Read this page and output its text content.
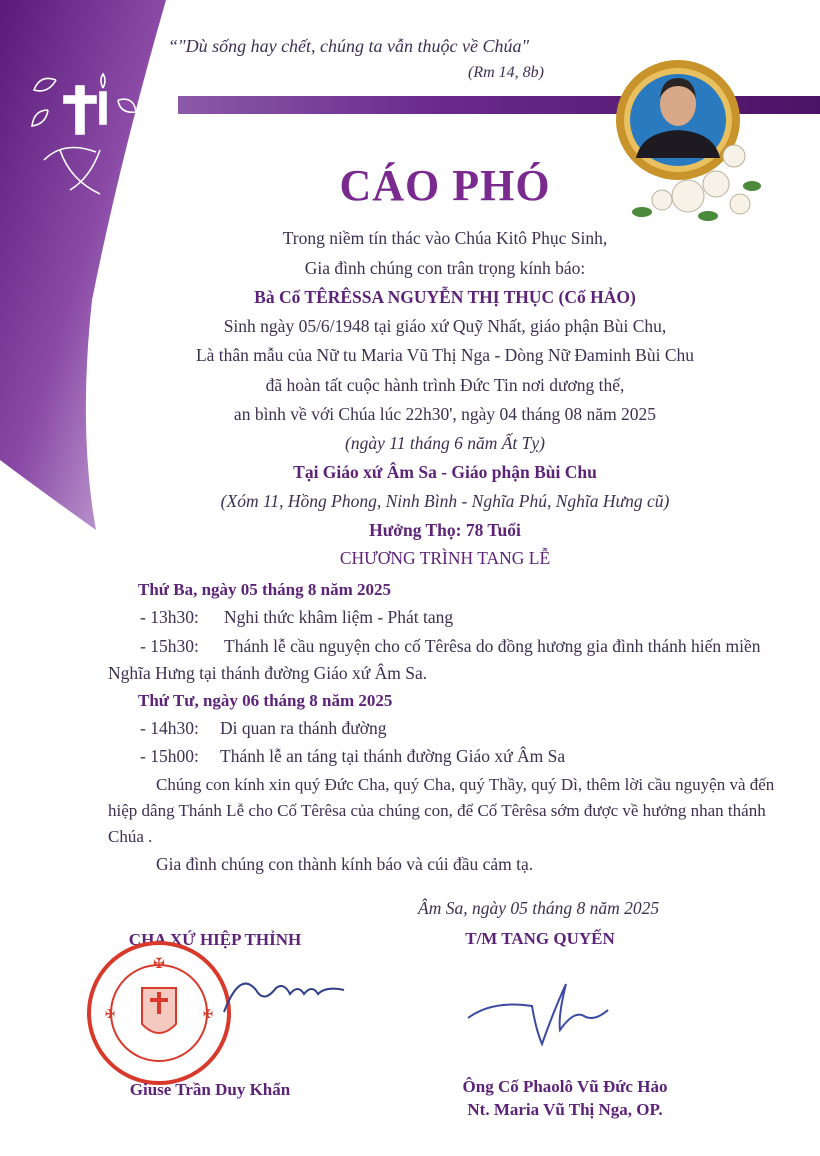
“"Dù sống hay chết, chúng ta vẫn thuộc về Chúa"
(Rm 14, 8b)
CÁO PHÓ
Trong niềm tín thác vào Chúa Kitô Phục Sinh,
Gia đình chúng con trân trọng kính báo:
Bà Cố TÊRÊSSA NGUYỄN THỊ THỤC (Cố HẢO)
Sinh ngày 05/6/1948 tại giáo xứ Quỹ Nhất, giáo phận Bùi Chu,
Là thân mẫu của Nữ tu Maria Vũ Thị Nga - Dòng Nữ Đaminh Bùi Chu
đã hoàn tất cuộc hành trình Đức Tin nơi dương thế,
an bình về với Chúa lúc 22h30', ngày 04 tháng 08 năm 2025
(ngày 11 tháng 6 năm Ất Tỵ)
Tại Giáo xứ Âm Sa - Giáo phận Bùi Chu
(Xóm 11, Hồng Phong, Ninh Bình - Nghĩa Phú, Nghĩa Hưng cũ)
Hưởng Thọ: 78 Tuổi
CHƯƠNG TRÌNH TANG LỄ
Thứ Ba, ngày 05 tháng 8 năm 2025
- 13h30: Nghi thức khâm liệm - Phát tang
- 15h30: Thánh lễ cầu nguyện cho cố Têrêsa do đồng hương gia đình thánh hiến miền
Nghĩa Hưng tại thánh đường Giáo xứ Âm Sa.
Thứ Tư, ngày 06 tháng 8 năm 2025
- 14h30: Di quan ra thánh đường
- 15h00: Thánh lễ an táng tại thánh đường Giáo xứ Âm Sa
Chúng con kính xin quý Đức Cha, quý Cha, quý Thầy, quý Dì, thêm lời cầu nguyện và đến hiệp dâng Thánh Lễ cho Cố Têrêsa của chúng con, để Cố Têrêsa sớm được về hưởng nhan thánh Chúa .
Gia đình chúng con thành kính báo và cúi đầu cảm tạ.
Âm Sa, ngày 05 tháng 8 năm 2025
CHA XỨ HIỆP THỈNH	T/M TANG QUYẾN
✠
✠	✠
Giuse Trần Duy Khẩn	Ông Cố Phaolô Vũ Đức Hảo
Nt. Maria Vũ Thị Nga, OP.
